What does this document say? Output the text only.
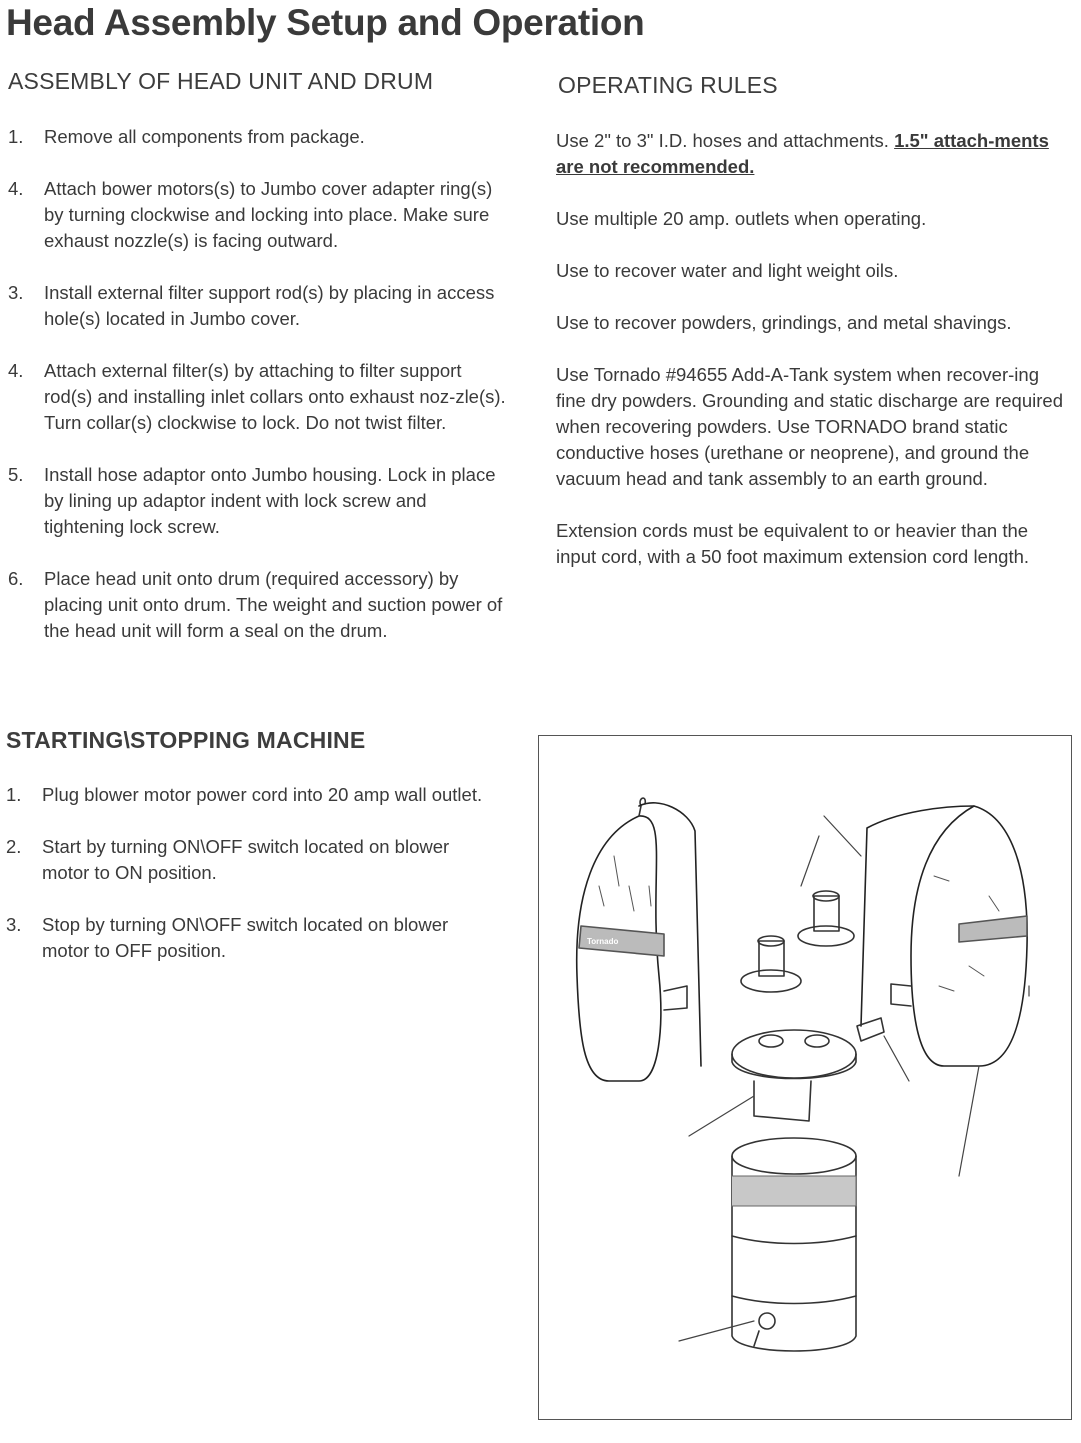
Head Assembly Setup and Operation
ASSEMBLY OF HEAD UNIT AND DRUM
1. Remove all components from package.
4. Attach bower motors(s) to Jumbo cover adapter ring(s) by turning clockwise and locking into place. Make sure exhaust nozzle(s) is facing outward.
3. Install external filter support rod(s) by placing in access hole(s) located in Jumbo cover.
4. Attach external filter(s) by attaching to filter support rod(s) and installing inlet collars onto exhaust noz-zle(s). Turn collar(s) clockwise to lock. Do not twist filter.
5. Install hose adaptor onto Jumbo housing. Lock in place by lining up adaptor indent with lock screw and tightening lock screw.
6. Place head unit onto drum (required accessory) by placing unit onto drum. The weight and suction power of the head unit will form a seal on the drum.
OPERATING RULES

Use 2" to 3" I.D. hoses and attachments. 1.5" attach-ments are not recommended.

Use multiple 20 amp. outlets when operating.

Use to recover water and light weight oils.

Use to recover powders, grindings, and metal shavings.

Use Tornado #94655 Add-A-Tank system when recover-ing fine dry powders. Grounding and static discharge are required when recovering powders. Use TORNADO brand static conductive hoses (urethane or neoprene), and ground the vacuum head and tank assembly to an earth ground.

Extension cords must be equivalent to or heavier than the input cord, with a 50 foot maximum extension cord length.

STARTING\STOPPING MACHINE
1. Plug blower motor power cord into 20 amp wall outlet.
2. Start by turning ON\OFF switch located on blower motor to ON position.
3. Stop by turning ON\OFF switch located on blower motor to OFF position.	Tornado
